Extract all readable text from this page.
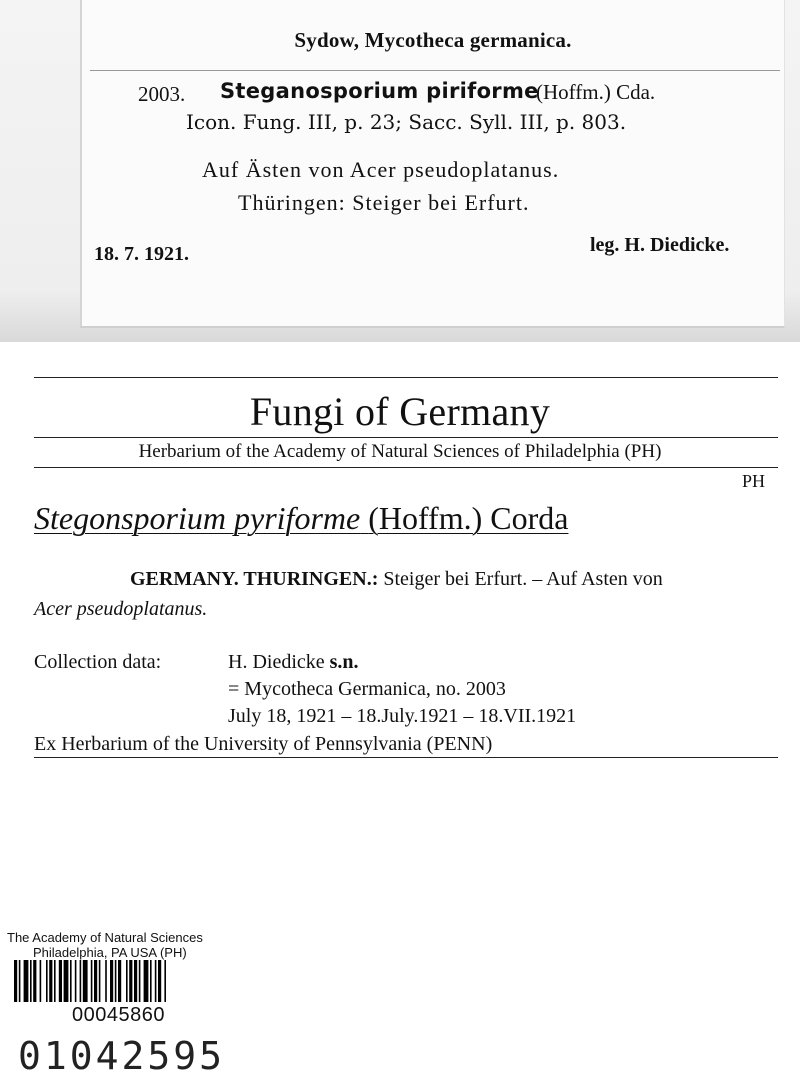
Sydow, Mycotheca germanica.
2003. Steganosporium piriforme
(Hoffm.) Cda.
Icon. Fung. III, p. 23; Sacc. Syll. III, p. 803.
Auf Ästen von Acer pseudoplatanus.
Thüringen: Steiger bei Erfurt.
18. 7. 1921.	leg. H. Diedicke.
Fungi of Germany
Herbarium of the Academy of Natural Sciences of Philadelphia (PH)
PH
Stegonsporium pyriforme (Hoffm.) Corda
GERMANY. THURINGEN.: Steiger bei Erfurt. – Auf Asten von
Acer pseudoplatanus.
Collection data:	H. Diedicke s.n.
= Mycotheca Germanica, no. 2003
July 18, 1921 – 18.July.1921 – 18.VII.1921
Ex Herbarium of the University of Pennsylvania (PENN)
The Academy of Natural Sciences
Philadelphia, PA USA (PH)
00045860
01042595
